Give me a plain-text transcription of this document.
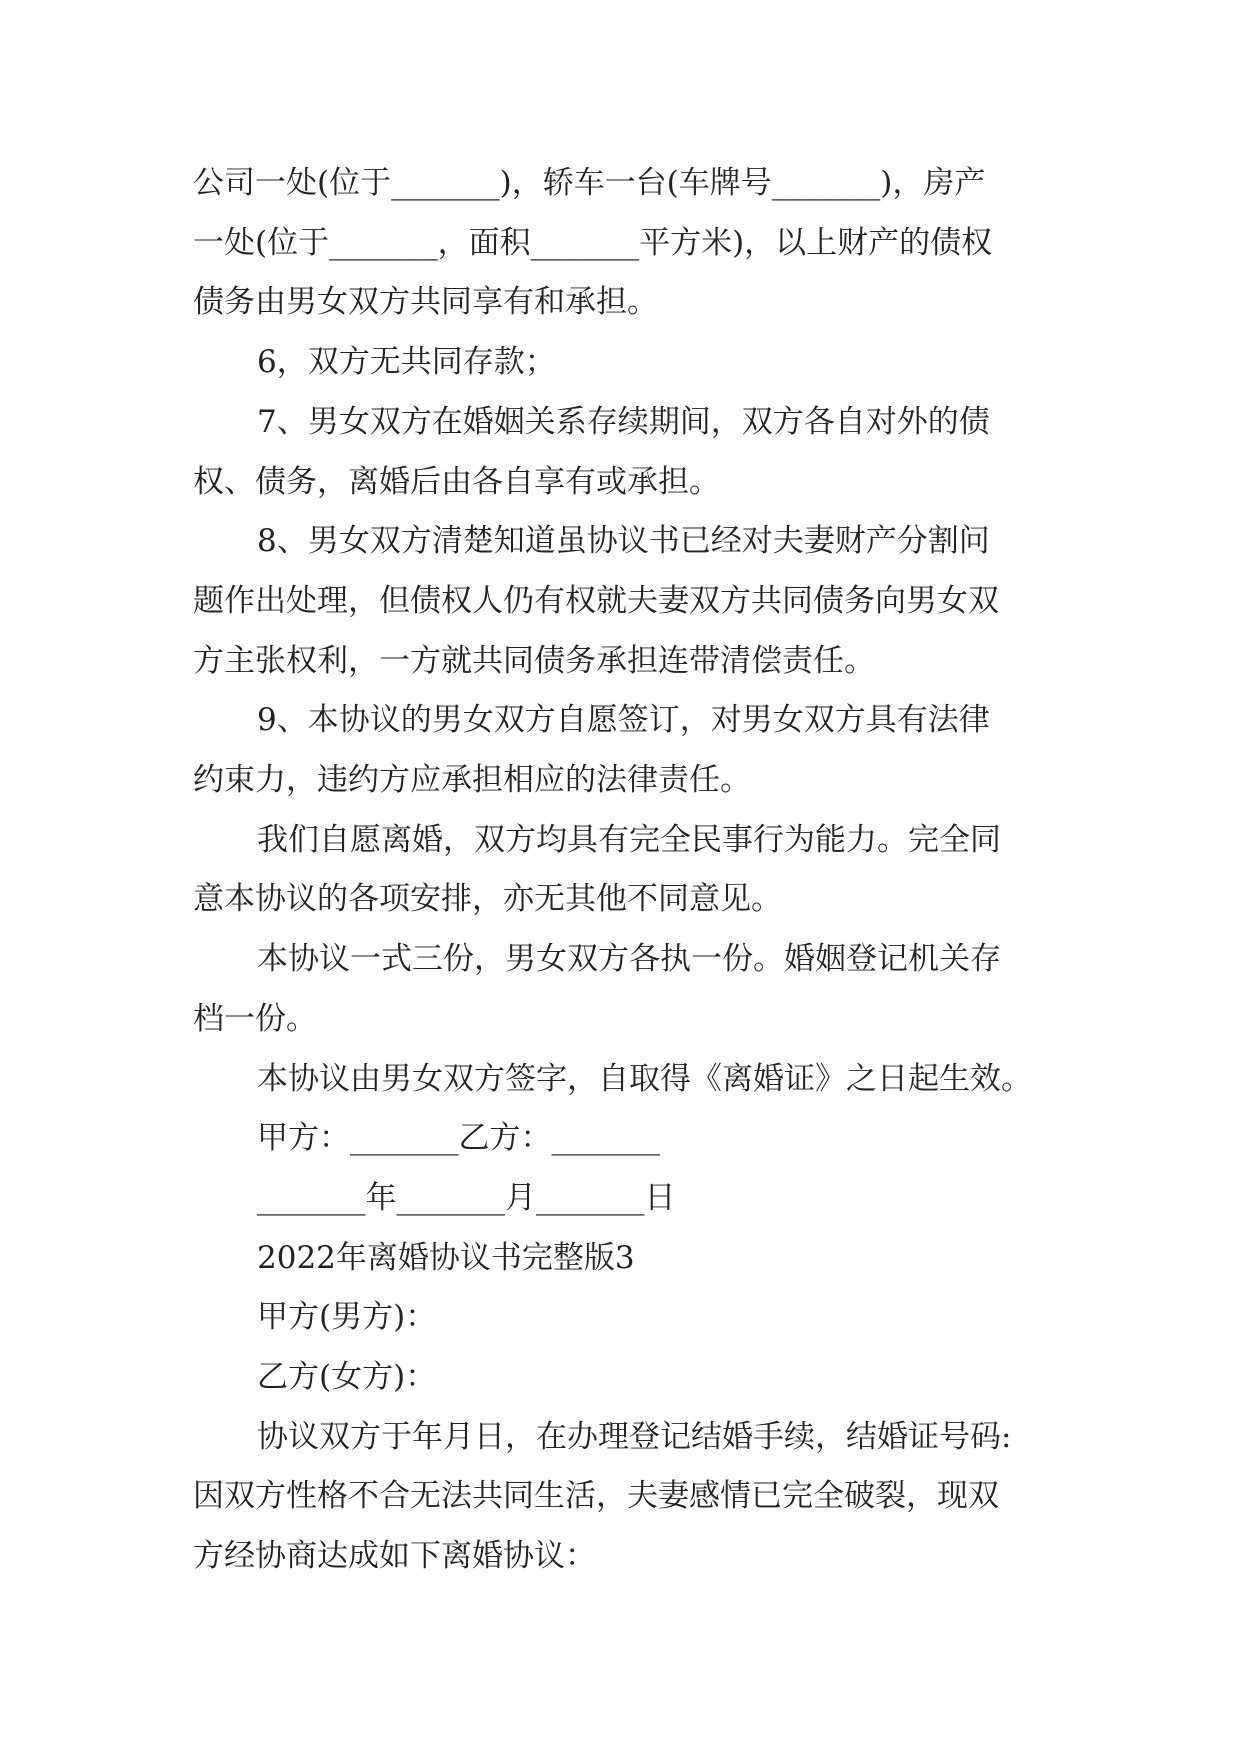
公司一处(位于_______)，轿车一台(车牌号_______)，房产
一处(位于_______，面积_______平方米)，以上财产的债权
债务由男女双方共同享有和承担。
6，双方无共同存款；
7、男女双方在婚姻关系存续期间，双方各自对外的债
权、债务，离婚后由各自享有或承担。
8、男女双方清楚知道虽协议书已经对夫妻财产分割问
题作出处理，但债权人仍有权就夫妻双方共同债务向男女双
方主张权利，一方就共同债务承担连带清偿责任。
9、本协议的男女双方自愿签订，对男女双方具有法律
约束力，违约方应承担相应的法律责任。
我们自愿离婚，双方均具有完全民事行为能力。完全同
意本协议的各项安排，亦无其他不同意见。
本协议一式三份，男女双方各执一份。婚姻登记机关存
档一份。
本协议由男女双方签字，自取得《离婚证》之日起生效。
甲方：_______乙方：_______
_______年_______月_______日
2022年离婚协议书完整版3
甲方(男方)：
乙方(女方)：
协议双方于年月日，在办理登记结婚手续，结婚证号码:
因双方性格不合无法共同生活，夫妻感情已完全破裂，现双
方经协商达成如下离婚协议：
